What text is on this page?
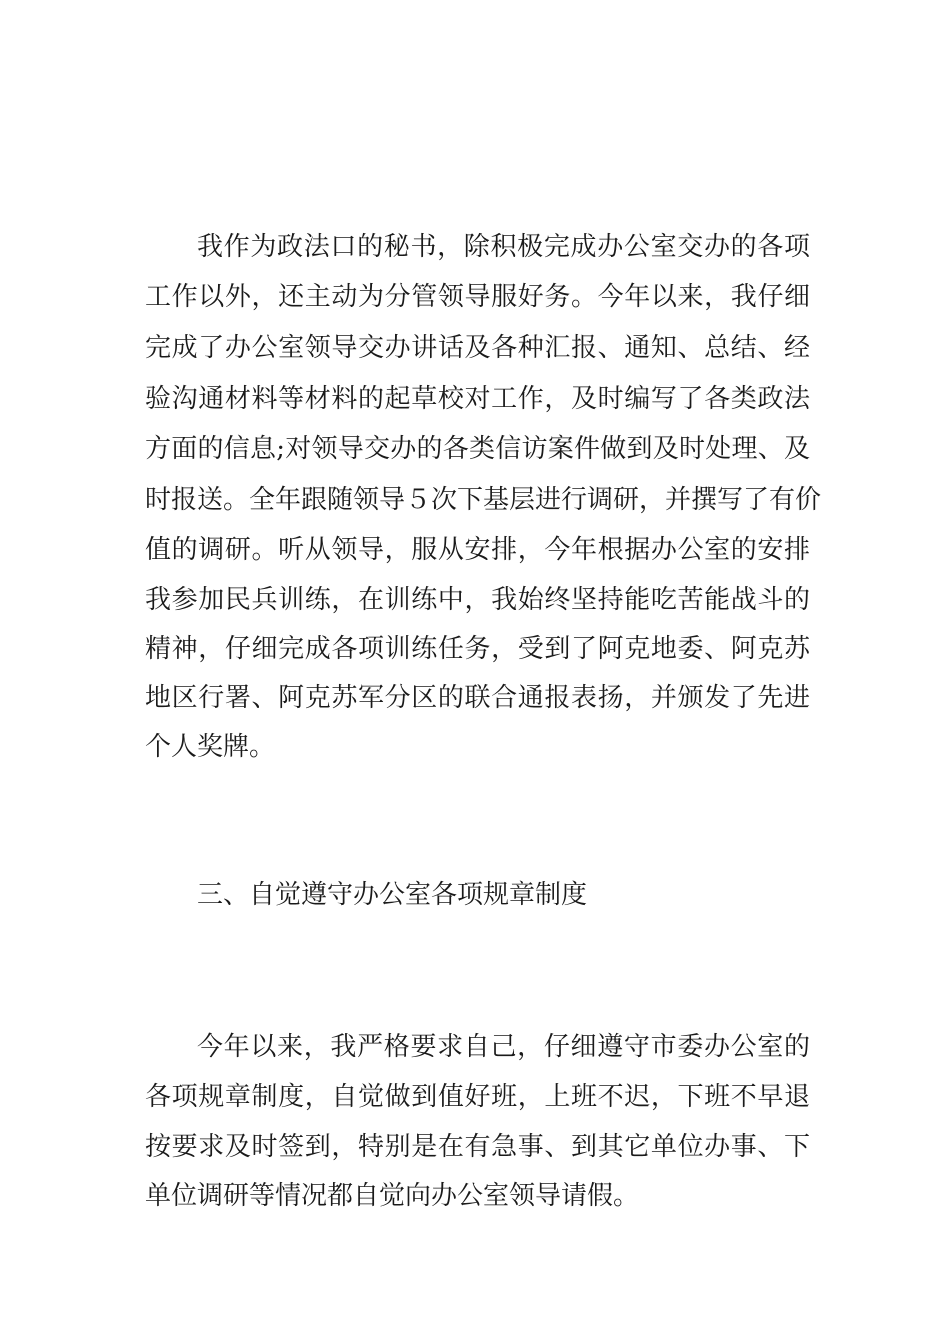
我作为政法口的秘书，除积极完成办公室交办的各项
工作以外，还主动为分管领导服好务。今年以来，我仔细
完成了办公室领导交办讲话及各种汇报、通知、总结、经
验沟通材料等材料的起草校对工作，及时编写了各类政法
方面的信息;对领导交办的各类信访案件做到及时处理、及
时报送。全年跟随领导５次下基层进行调研，并撰写了有价
值的调研。听从领导，服从安排，今年根据办公室的安排
我参加民兵训练，在训练中，我始终坚持能吃苦能战斗的
精神，仔细完成各项训练任务，受到了阿克地委、阿克苏
地区行署、阿克苏军分区的联合通报表扬，并颁发了先进
个人奖牌。
三、自觉遵守办公室各项规章制度
今年以来，我严格要求自己，仔细遵守市委办公室的
各项规章制度，自觉做到值好班，上班不迟，下班不早退
按要求及时签到，特别是在有急事、到其它单位办事、下
单位调研等情况都自觉向办公室领导请假。
